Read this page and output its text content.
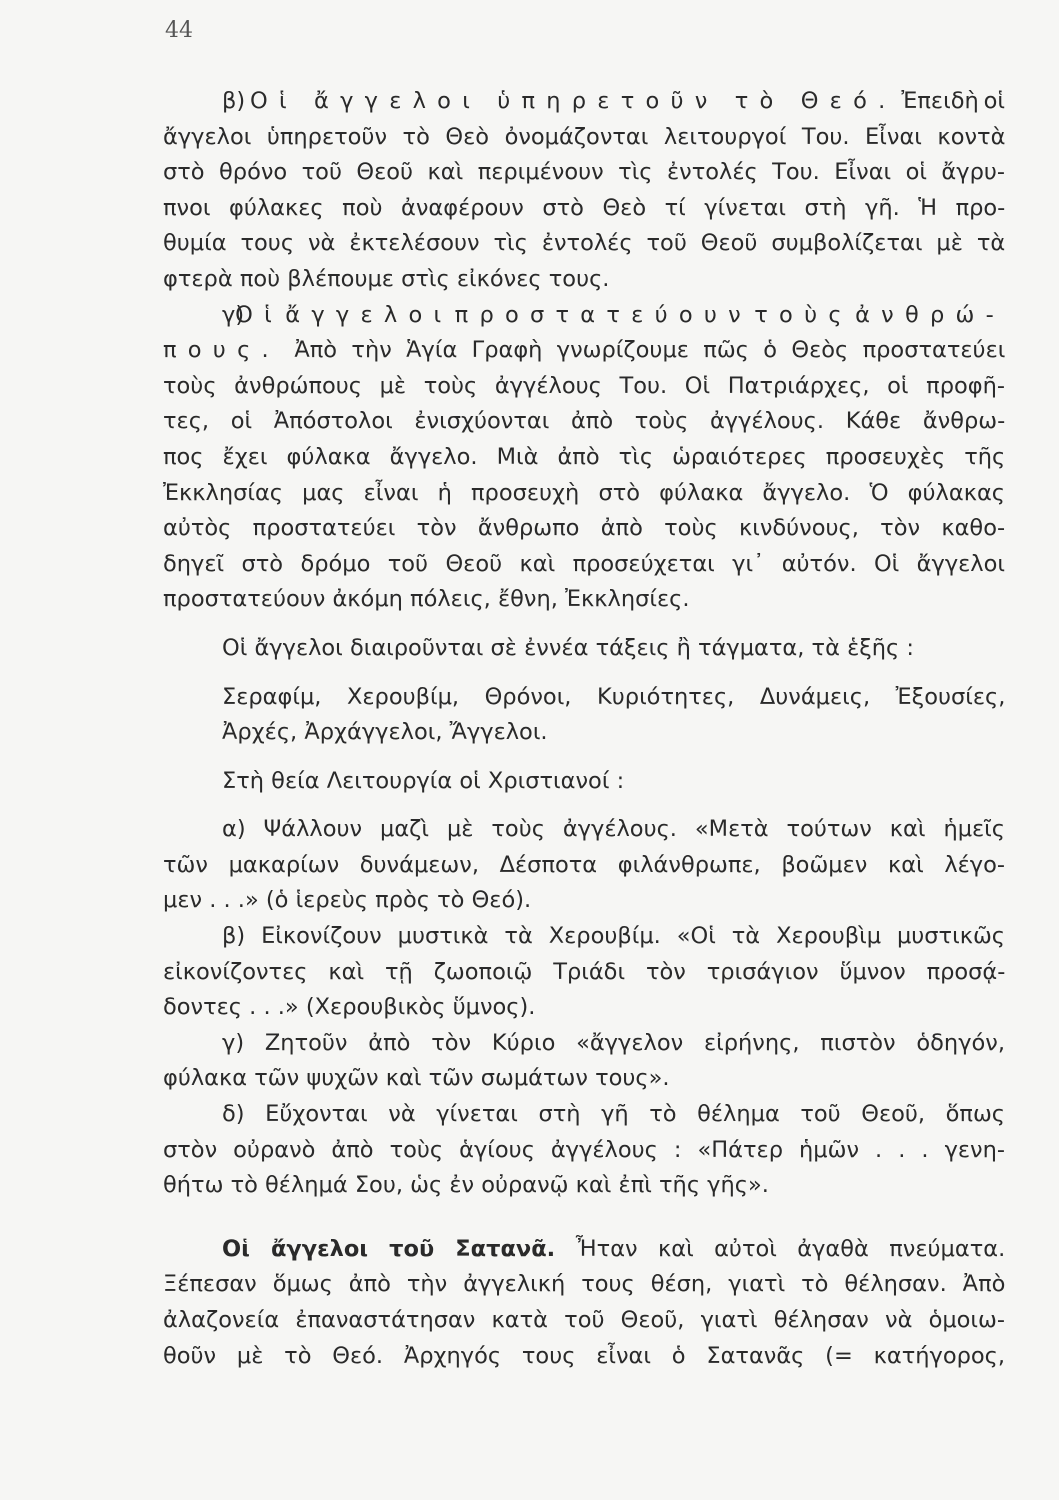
44
β) Οἱ ἄγγελοι ὑπηρετοῦν τὸ Θεό. Ἐπειδὴ οἱ
ἄγγελοι ὑπηρετοῦν τὸ Θεὸ ὀνομάζονται λειτουργοί Του. Εἶναι κοντὰ
στὸ θρόνο τοῦ Θεοῦ καὶ περιμένουν τὶς ἐντολές Του. Εἶναι οἱ ἄγρυ-
πνοι φύλακες ποὺ ἀναφέρουν στὸ Θεὸ τί γίνεται στὴ γῆ. Ἡ προ-
θυμία τους νὰ ἐκτελέσουν τὶς ἐντολές τοῦ Θεοῦ συμβολίζεται μὲ τὰ
φτερὰ ποὺ βλέπουμε στὶς εἰκόνες τους.
γ) Οἱ ἄγγελοι προστατεύουν τοὺς ἀνθρώ-
πους. Ἀπὸ τὴν Ἁγία Γραφὴ γνωρίζουμε πῶς ὁ Θεὸς προστατεύει
τοὺς ἀνθρώπους μὲ τοὺς ἀγγέλους Του. Οἱ Πατριάρχες, οἱ προφῆ-
τες, οἱ Ἀπόστολοι ἐνισχύονται ἀπὸ τοὺς ἀγγέλους. Κάθε ἄνθρω-
πος ἔχει φύλακα ἄγγελο. Μιὰ ἀπὸ τὶς ὡραιότερες προσευχὲς τῆς
Ἐκκλησίας μας εἶναι ἡ προσευχὴ στὸ φύλακα ἄγγελο. Ὁ φύλακας
αὐτὸς προστατεύει τὸν ἄνθρωπο ἀπὸ τοὺς κινδύνους, τὸν καθο-
δηγεῖ στὸ δρόμο τοῦ Θεοῦ καὶ προσεύχεται γι᾿ αὐτόν. Οἱ ἄγγελοι
προστατεύουν ἀκόμη πόλεις, ἔθνη, Ἐκκλησίες.
Οἱ ἄγγελοι διαιροῦνται σὲ ἐννέα τάξεις ἢ τάγματα, τὰ ἑξῆς :
Σεραφίμ, Χερουβίμ, Θρόνοι, Κυριότητες, Δυνάμεις, Ἐξουσίες,
Ἀρχές, Ἀρχάγγελοι, Ἄγγελοι.
Στὴ θεία Λειτουργία οἱ Χριστιανοί :
α) Ψάλλουν μαζὶ μὲ τοὺς ἀγγέλους. «Μετὰ τούτων καὶ ἡμεῖς
τῶν μακαρίων δυνάμεων, Δέσποτα φιλάνθρωπε, βοῶμεν καὶ λέγο-
μεν . . .» (ὁ ἱερεὺς πρὸς τὸ Θεό).
β) Εἰκονίζουν μυστικὰ τὰ Χερουβίμ. «Οἱ τὰ Χερουβὶμ μυστικῶς
εἰκονίζοντες καὶ τῇ ζωοποιῷ Τριάδι τὸν τρισάγιον ὕμνον προσᾴ-
δοντες . . .» (Χερουβικὸς ὕμνος).
γ) Ζητοῦν ἀπὸ τὸν Κύριο «ἄγγελον εἰρήνης, πιστὸν ὁδηγόν,
φύλακα τῶν ψυχῶν καὶ τῶν σωμάτων τους».
δ) Εὔχονται νὰ γίνεται στὴ γῆ τὸ θέλημα τοῦ Θεοῦ, ὅπως
στὸν οὐρανὸ ἀπὸ τοὺς ἁγίους ἀγγέλους : «Πάτερ ἡμῶν . . . γενη-
θήτω τὸ θέλημά Σου, ὡς ἐν οὐρανῷ καὶ ἐπὶ τῆς γῆς».
Οἱ ἄγγελοι τοῦ Σατανᾶ. Ἦταν καὶ αὐτοὶ ἀγαθὰ πνεύματα.
Ξέπεσαν ὅμως ἀπὸ τὴν ἀγγελική τους θέση, γιατὶ τὸ θέλησαν. Ἀπὸ
ἀλαζονεία ἐπαναστάτησαν κατὰ τοῦ Θεοῦ, γιατὶ θέλησαν νὰ ὁμοιω-
θοῦν μὲ τὸ Θεό. Ἀρχηγός τους εἶναι ὁ Σατανᾶς (= κατήγορος,
